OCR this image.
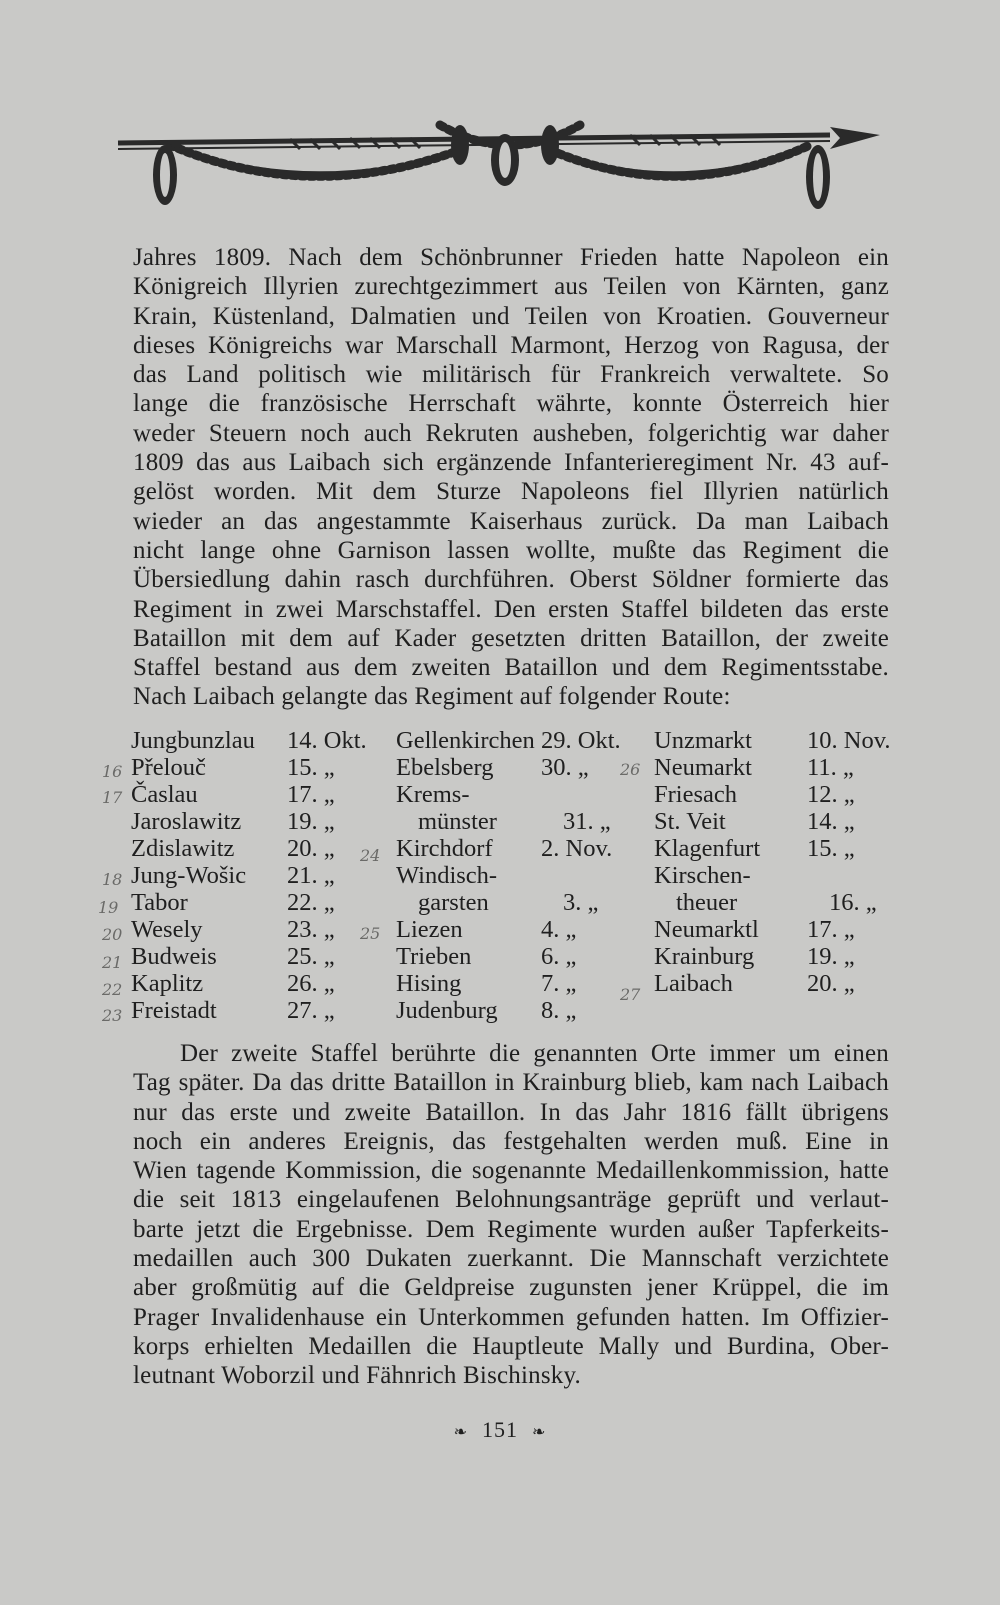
Jahres 1809. Nach dem Schönbrunner Frieden hatte Napoleon ein
Königreich Illyrien zurechtgezimmert aus Teilen von Kärnten, ganz
Krain, Küstenland, Dalmatien und Teilen von Kroatien. Gouverneur
dieses Königreichs war Marschall Marmont, Herzog von Ragusa, der
das Land politisch wie militärisch für Frankreich verwaltete. So
lange die französische Herrschaft währte, konnte Österreich hier
weder Steuern noch auch Rekruten ausheben, folgerichtig war daher
1809 das aus Laibach sich ergänzende Infanterieregiment Nr. 43 auf-
gelöst worden. Mit dem Sturze Napoleons fiel Illyrien natürlich
wieder an das angestammte Kaiserhaus zurück. Da man Laibach
nicht lange ohne Garnison lassen wollte, mußte das Regiment die
Übersiedlung dahin rasch durchführen. Oberst Söldner formierte das
Regiment in zwei Marschstaffel. Den ersten Staffel bildeten das erste
Bataillon mit dem auf Kader gesetzten dritten Bataillon, der zweite
Staffel bestand aus dem zweiten Bataillon und dem Regimentsstabe.
Nach Laibach gelangte das Regiment auf folgender Route:
Jungbunzlau	14. Okt.
Přelouč	15. „
Časlau	17. „
Jaroslawitz	19. „
Zdislawitz	20. „
Jung-Wošic	21. „
Tabor	22. „
Wesely	23. „
Budweis	25. „
Kaplitz	26. „
Freistadt	27. „
Gellenkirchen 29. Okt.
Ebelsberg	30. „
Krems-
münster	31. „
Kirchdorf	2. Nov.
Windisch-
garsten	3. „
Liezen	4. „
Trieben	6. „
Hising	7. „
Judenburg	8. „
Unzmarkt	10. Nov.
Neumarkt	11. „
Friesach	12. „
St. Veit	14. „
Klagenfurt	15. „
Kirschen-
theuer	16. „
Neumarktl	17. „
Krainburg	19. „
Laibach	20. „
16
17
18
19
20
21
22
23
24
25
26
27
Der zweite Staffel berührte die genannten Orte immer um einen
Tag später. Da das dritte Bataillon in Krainburg blieb, kam nach Laibach
nur das erste und zweite Bataillon. In das Jahr 1816 fällt übrigens
noch ein anderes Ereignis, das festgehalten werden muß. Eine in
Wien tagende Kommission, die sogenannte Medaillenkommission, hatte
die seit 1813 eingelaufenen Belohnungsanträge geprüft und verlaut-
barte jetzt die Ergebnisse. Dem Regimente wurden außer Tapferkeits-
medaillen auch 300 Dukaten zuerkannt. Die Mannschaft verzichtete
aber großmütig auf die Geldpreise zugunsten jener Krüppel, die im
Prager Invalidenhause ein Unterkommen gefunden hatten. Im Offizier-
korps erhielten Medaillen die Hauptleute Mally und Burdina, Ober-
leutnant Woborzil und Fähnrich Bischinsky.
❧ 151 ❧
